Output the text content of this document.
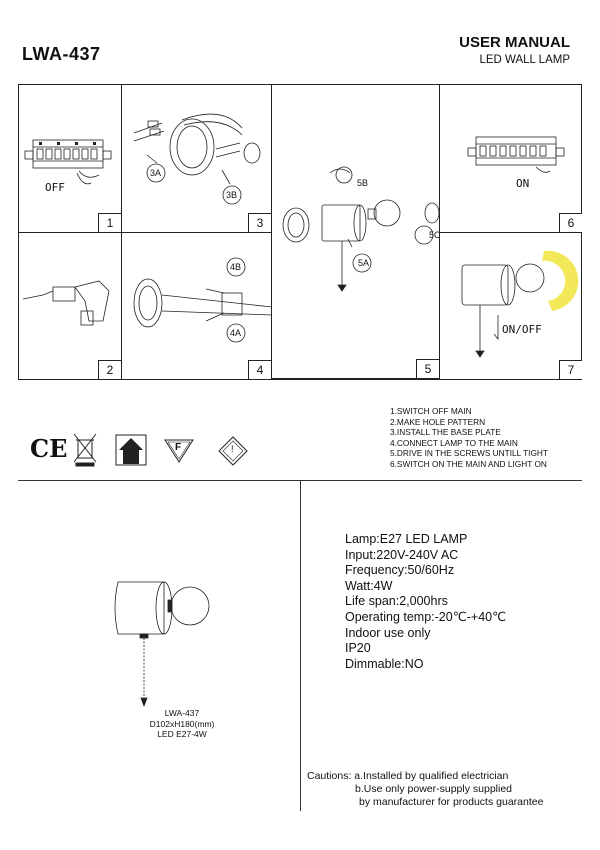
LWA-437
USER MANUAL
LED WALL LAMP
OFF
1
3A
3B
3
5B
5A
5C
5
ON
6
2
4B
4A
4
ON/OFF
7
CE	F	!
1.SWITCH OFF MAIN
2.MAKE HOLE PATTERN
3.INSTALL THE BASE PLATE
4.CONNECT LAMP TO THE MAIN
5.DRIVE IN THE SCREWS UNTILL TIGHT
6.SWITCH ON THE MAIN AND LIGHT ON
LWA-437
D102xH180(mm)
LED E27-4W
Lamp:E27 LED LAMP
Input:220V-240V AC
Frequency:50/60Hz
Watt:4W
Life span:2,000hrs
Operating temp:-20℃-+40℃
Indoor use only
IP20
Dimmable:NO
Cautions: a.Installed by qualified electrician
b.Use only power-supply supplied
by manufacturer for products guarantee
